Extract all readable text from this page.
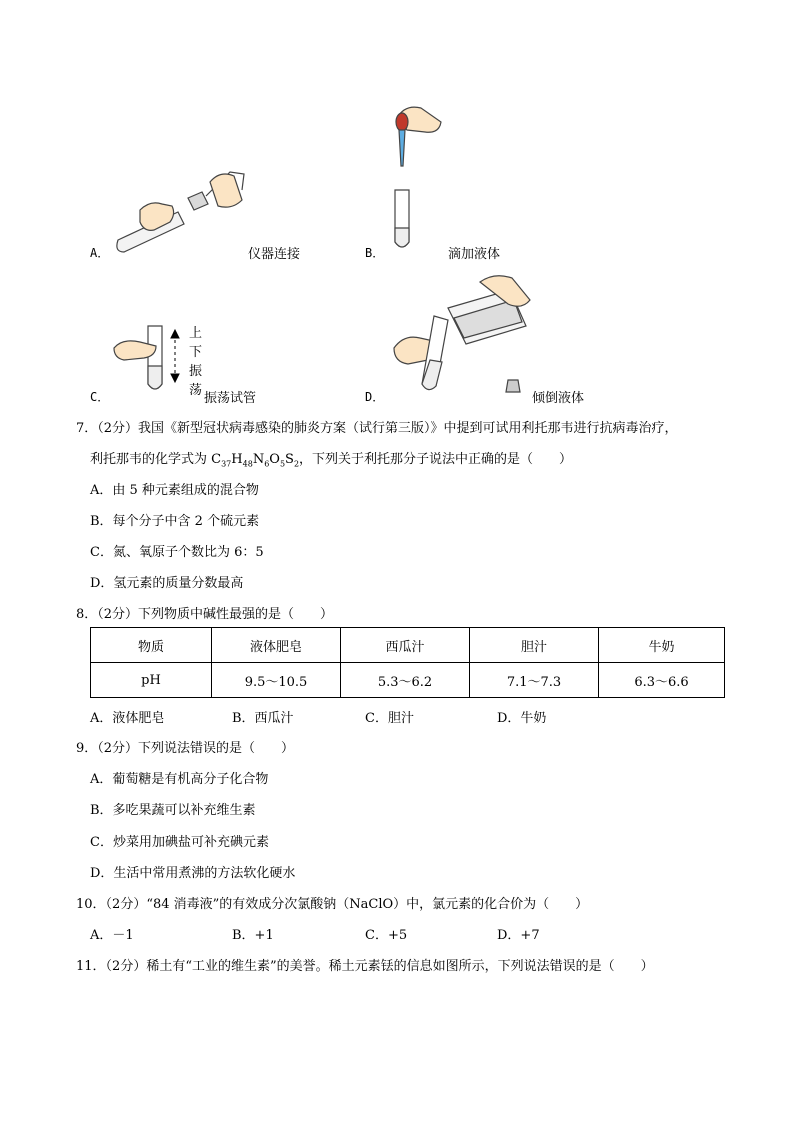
A．	仪器连接	B．	滴加液体
上
下
振
荡
C．	振荡试管	D．	倾倒液体
7．（2分）我国《新型冠状病毒感染的肺炎方案（试行第三版）》中提到可试用利托那韦进行抗病毒治疗，
利托那韦的化学式为 $C_{37}H_{48}N_6O_5S_2$，下列关于利托那分子说法中正确的是（　　）
A．由 5 种元素组成的混合物
B．每个分子中含 2 个硫元素
C．氮、氧原子个数比为 6：5
D．氢元素的质量分数最高
8．（2分）下列物质中碱性最强的是（　　）
物质	液体肥皂	西瓜汁	胆汁	牛奶
pH	9.5～10.5	5.3～6.2	7.1～7.3	6.3～6.6
A．液体肥皂	B．西瓜汁	C．胆汁	D．牛奶
9．（2分）下列说法错误的是（　　）
A．葡萄糖是有机高分子化合物
B．多吃果蔬可以补充维生素
C．炒菜用加碘盐可补充碘元素
D．生活中常用煮沸的方法软化硬水
10．（2分）“84 消毒液”的有效成分次氯酸钠（NaClO）中，氯元素的化合价为（　　）
A．－1	B．+1	C．+5	D．+7
11．（2分）稀土有“工业的维生素”的美誉。稀土元素铥的信息如图所示，下列说法错误的是（　　）
